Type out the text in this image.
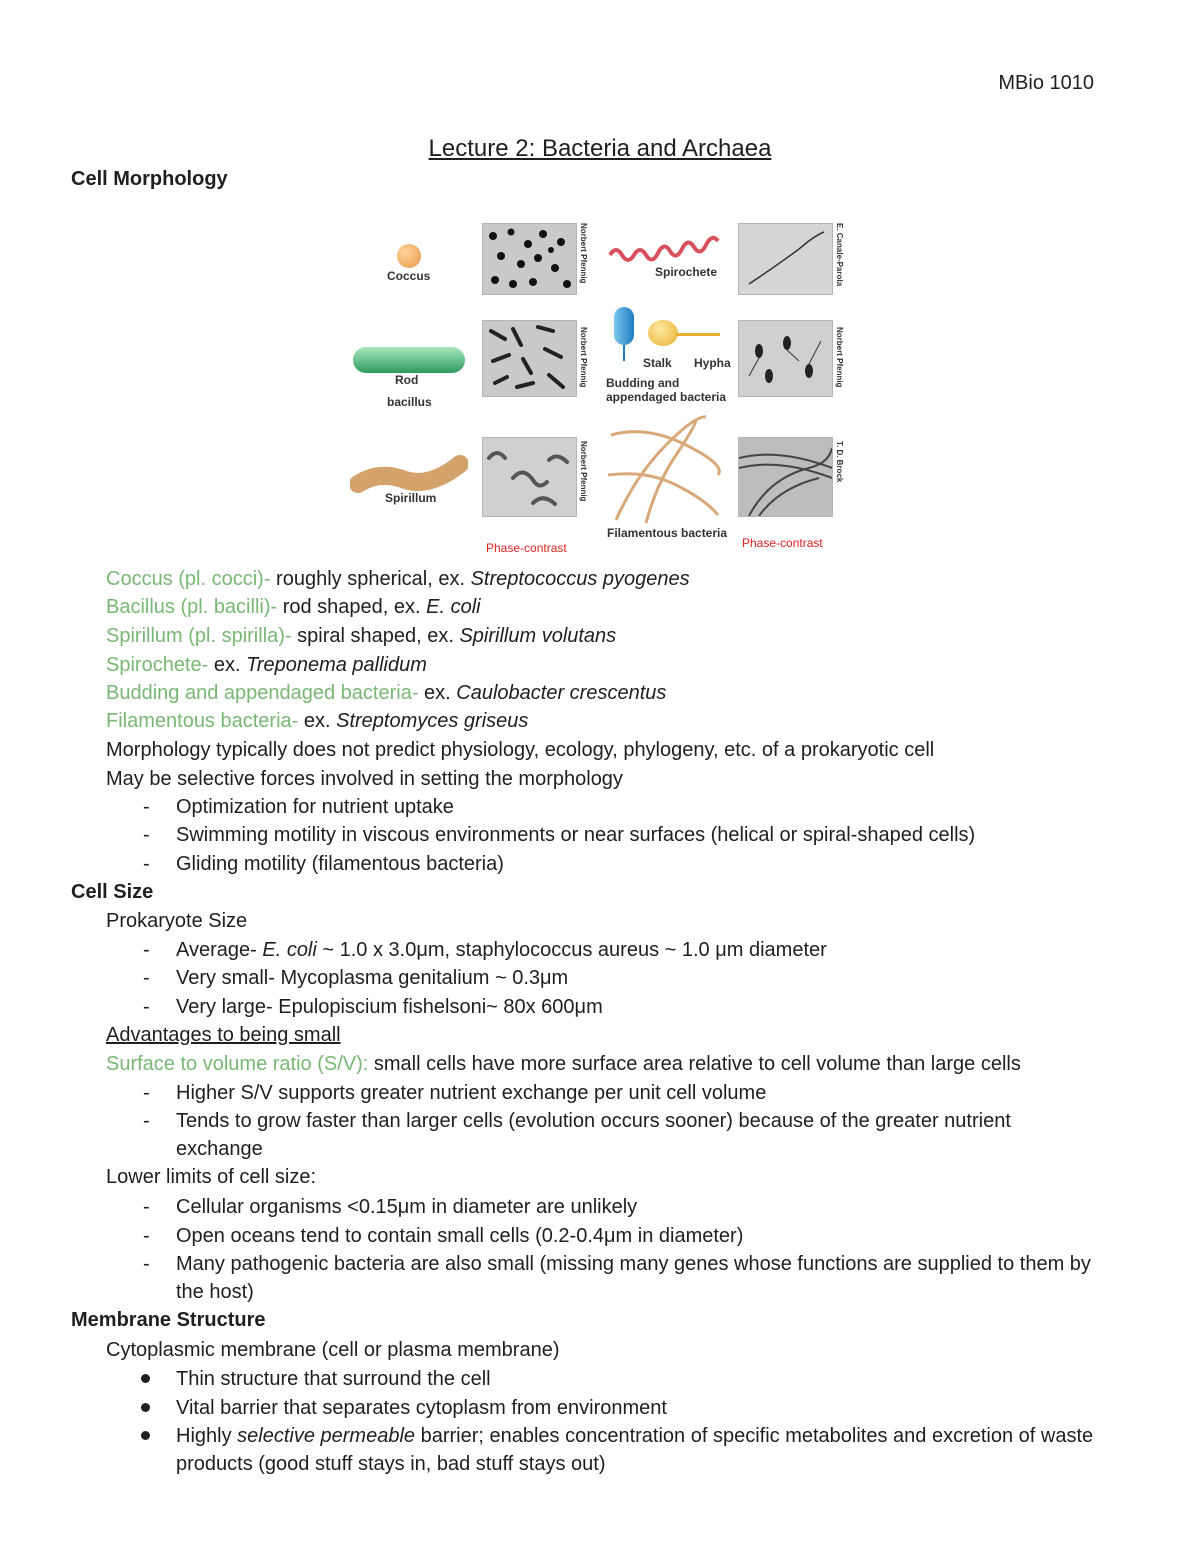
MBio 1010
Lecture 2: Bacteria and Archaea
Cell Morphology
Coccus	Norbert Pfennig	Spirochete	E. Canale-Parola
Rod
bacillus
Norbert Pfennig	Stalk Hypha
Budding and
appendaged bacteria
Norbert Pfennig
Spirillum	Norbert Pfennig
Phase-contrast
Filamentous bacteria
T. D. Brock
Phase-contrast
Coccus (pl. cocci)- roughly spherical, ex. Streptococcus pyogenes
Bacillus (pl. bacilli)- rod shaped, ex. E. coli
Spirillum (pl. spirilla)- spiral shaped, ex. Spirillum volutans
Spirochete- ex. Treponema pallidum
Budding and appendaged bacteria- ex. Caulobacter crescentus
Filamentous bacteria- ex. Streptomyces griseus
Morphology typically does not predict physiology, ecology, phylogeny, etc. of a prokaryotic cell
May be selective forces involved in setting the morphology
- Optimization for nutrient uptake
- Swimming motility in viscous environments or near surfaces (helical or spiral-shaped cells)
- Gliding motility (filamentous bacteria)
Cell Size
Prokaryote Size
- Average- E. coli ~ 1.0 x 3.0μm, staphylococcus aureus ~ 1.0 μm diameter
- Very small- Mycoplasma genitalium ~ 0.3μm
- Very large- Epulopiscium fishelsoni~ 80x 600μm
Advantages to being small
Surface to volume ratio (S/V): small cells have more surface area relative to cell volume than large cells
- Higher S/V supports greater nutrient exchange per unit cell volume
- Tends to grow faster than larger cells (evolution occurs sooner) because of the greater nutrient exchange
Lower limits of cell size:
- Cellular organisms <0.15μm in diameter are unlikely
- Open oceans tend to contain small cells (0.2-0.4μm in diameter)
- Many pathogenic bacteria are also small (missing many genes whose functions are supplied to them by the host)
Membrane Structure
Cytoplasmic membrane (cell or plasma membrane)
Thin structure that surround the cell
Vital barrier that separates cytoplasm from environment
Highly selective permeable barrier; enables concentration of specific metabolites and excretion of waste products (good stuff stays in, bad stuff stays out)
